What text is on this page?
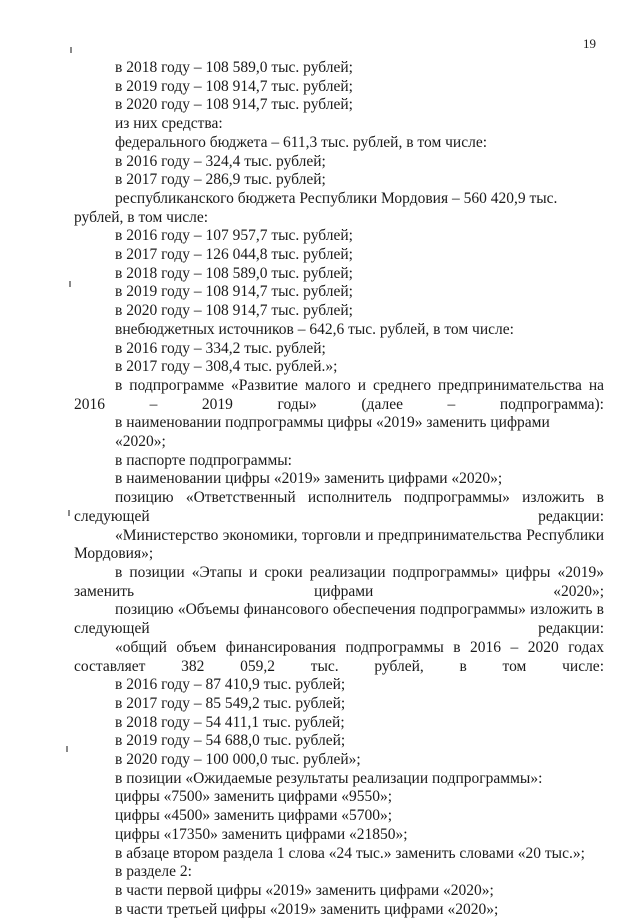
19

в 2018 году – 108 589,0 тыс. рублей;

в 2019 году – 108 914,7 тыс. рублей;

в 2020 году – 108 914,7 тыс. рублей;

из них средства:

федерального бюджета – 611,3 тыс. рублей, в том числе:

в 2016 году – 324,4 тыс. рублей;

в 2017 году – 286,9 тыс. рублей;

республиканского бюджета Республики Мордовия – 560 420,9 тыс. рублей, в том числе:

в 2016 году – 107 957,7 тыс. рублей;

в 2017 году – 126 044,8 тыс. рублей;

в 2018 году – 108 589,0 тыс. рублей;

в 2019 году – 108 914,7 тыс. рублей;

в 2020 году – 108 914,7 тыс. рублей;

внебюджетных источников – 642,6 тыс. рублей, в том числе:

в 2016 году – 334,2 тыс. рублей;

в 2017 году – 308,4 тыс. рублей.»;

в подпрограмме «Развитие малого и среднего предпринимательства на 2016 – 2019 годы» (далее – подпрограмма):

в наименовании подпрограммы цифры «2019» заменить цифрами «2020»;

в паспорте подпрограммы:

в наименовании цифры «2019» заменить цифрами «2020»;

позицию «Ответственный исполнитель подпрограммы» изложить в следующей редакции:

«Министерство экономики, торговли и предпринимательства Республики Мордовия»;

в позиции «Этапы и сроки реализации подпрограммы» цифры «2019» заменить цифрами «2020»;

позицию «Объемы финансового обеспечения подпрограммы» изложить в следующей редакции:

«общий объем финансирования подпрограммы в 2016 – 2020 годах составляет 382 059,2 тыс. рублей, в том числе:

в 2016 году – 87 410,9 тыс. рублей;

в 2017 году – 85 549,2 тыс. рублей;

в 2018 году – 54 411,1 тыс. рублей;

в 2019 году – 54 688,0 тыс. рублей;

в 2020 году – 100 000,0 тыс. рублей»;

в позиции «Ожидаемые результаты реализации подпрограммы»:

цифры «7500» заменить цифрами «9550»;

цифры «4500» заменить цифрами «5700»;

цифры «17350» заменить цифрами «21850»;

в абзаце втором раздела 1 слова «24 тыс.» заменить словами «20 тыс.»;

в разделе 2:

в части первой цифры «2019» заменить цифрами «2020»;

в части третьей цифры «2019» заменить цифрами «2020»;
